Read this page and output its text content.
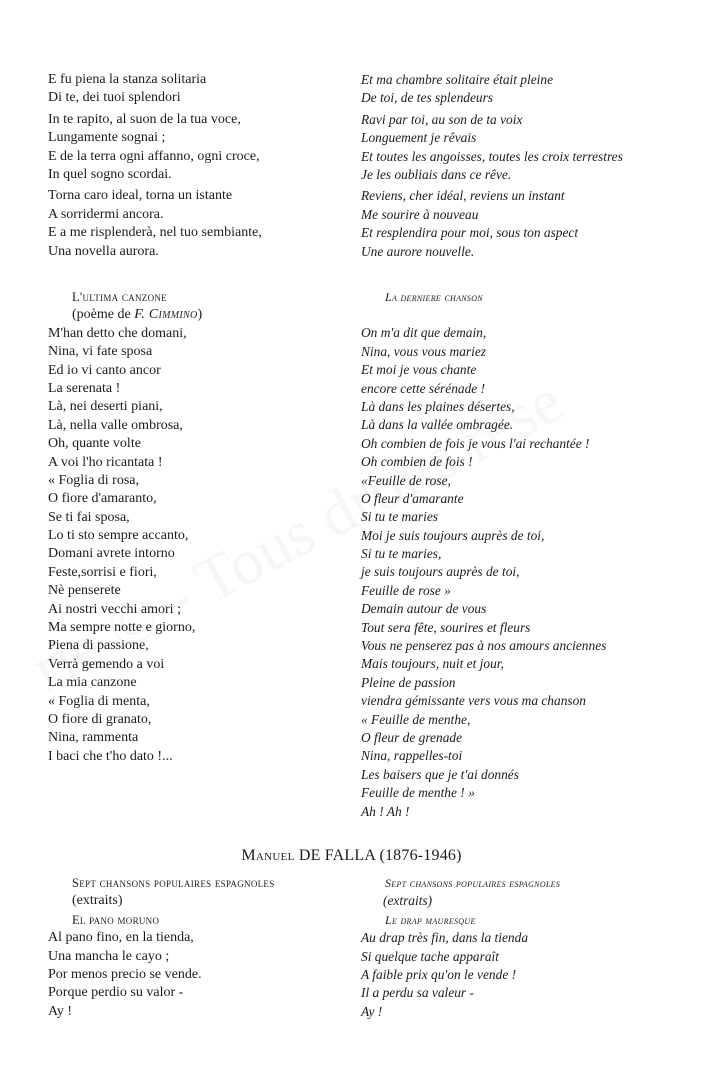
E fu piena la stanza solitaria
Di te, dei tuoi splendori
In te rapito, al suon de la tua voce,
Lungamente sognai ;
E de la terra ogni affanno, ogni croce,
In quel sogno scordai.
Torna caro ideal, torna un istante
A sorridermi ancora.
E a me risplenderà, nel tuo sembiante,
Una novella aurora.
Et ma chambre solitaire était pleine
De toi, de tes splendeurs
Ravi par toi, au son de ta voix
Longuement je rêvais
Et toutes les angoisses, toutes les croix terrestres
Je les oubliais dans ce rêve.
Reviens, cher idéal, reviens un instant
Me sourire à nouveau
Et resplendira pour moi, sous ton aspect
Une aurore nouvelle.
L'ultima canzone
(poème de F. Cimmino)
M'han detto che domani,
Nina, vi fate sposa
Ed io vi canto ancor
La serenata !
Là, nei deserti piani,
Là, nella valle ombrosa,
Oh, quante volte
A voi l'ho ricantata !
« Foglia di rosa,
O fiore d'amaranto,
Se ti fai sposa,
Lo ti sto sempre accanto,
Domani avrete intorno
Feste,sorrisi e fiori,
Nè penserete
Ai nostri vecchi amori ;
Ma sempre notte e giorno,
Piena di passione,
Verrà gemendo a voi
La mia canzone
« Foglia di menta,
O fiore di granato,
Nina, rammenta
I baci che t'ho dato !...
La derniere chanson
On m'a dit que demain,
Nina, vous vous mariez
Et moi je vous chante
encore cette sérénade !
Là dans les plaines désertes,
Là dans la vallée ombragée.
Oh combien de fois je vous l'ai rechantée !
Oh combien de fois !
«Feuille de rose,
O fleur d'amarante
Si tu te maries
Moi je suis toujours auprès de toi,
Si tu te maries,
je suis toujours auprès de toi,
Feuille de rose »
Demain autour de vous
Tout sera fête, sourires et fleurs
Vous ne penserez pas à nos amours anciennes
Mais toujours, nuit et jour,
Pleine de passion
viendra gémissante vers vous ma chanson
« Feuille de menthe,
O fleur de grenade
Nina, rappelles-toi
Les baisers que je t'ai donnés
Feuille de menthe ! »
Ah ! Ah !
Manuel DE FALLA (1876-1946)
Sept chansons populaires espagnoles
(extraits)
El pano moruno
Al pano fino, en la tienda,
Una mancha le cayo ;
Por menos precio se vende.
Porque perdio su valor -
Ay !
Sept chansons populaires espagnoles
(extraits)
Le drap mauresque
Au drap très fin, dans la tienda
Si quelque tache apparaît
A faible prix qu'on le vende !
Il a perdu sa valeur -
Ay !
